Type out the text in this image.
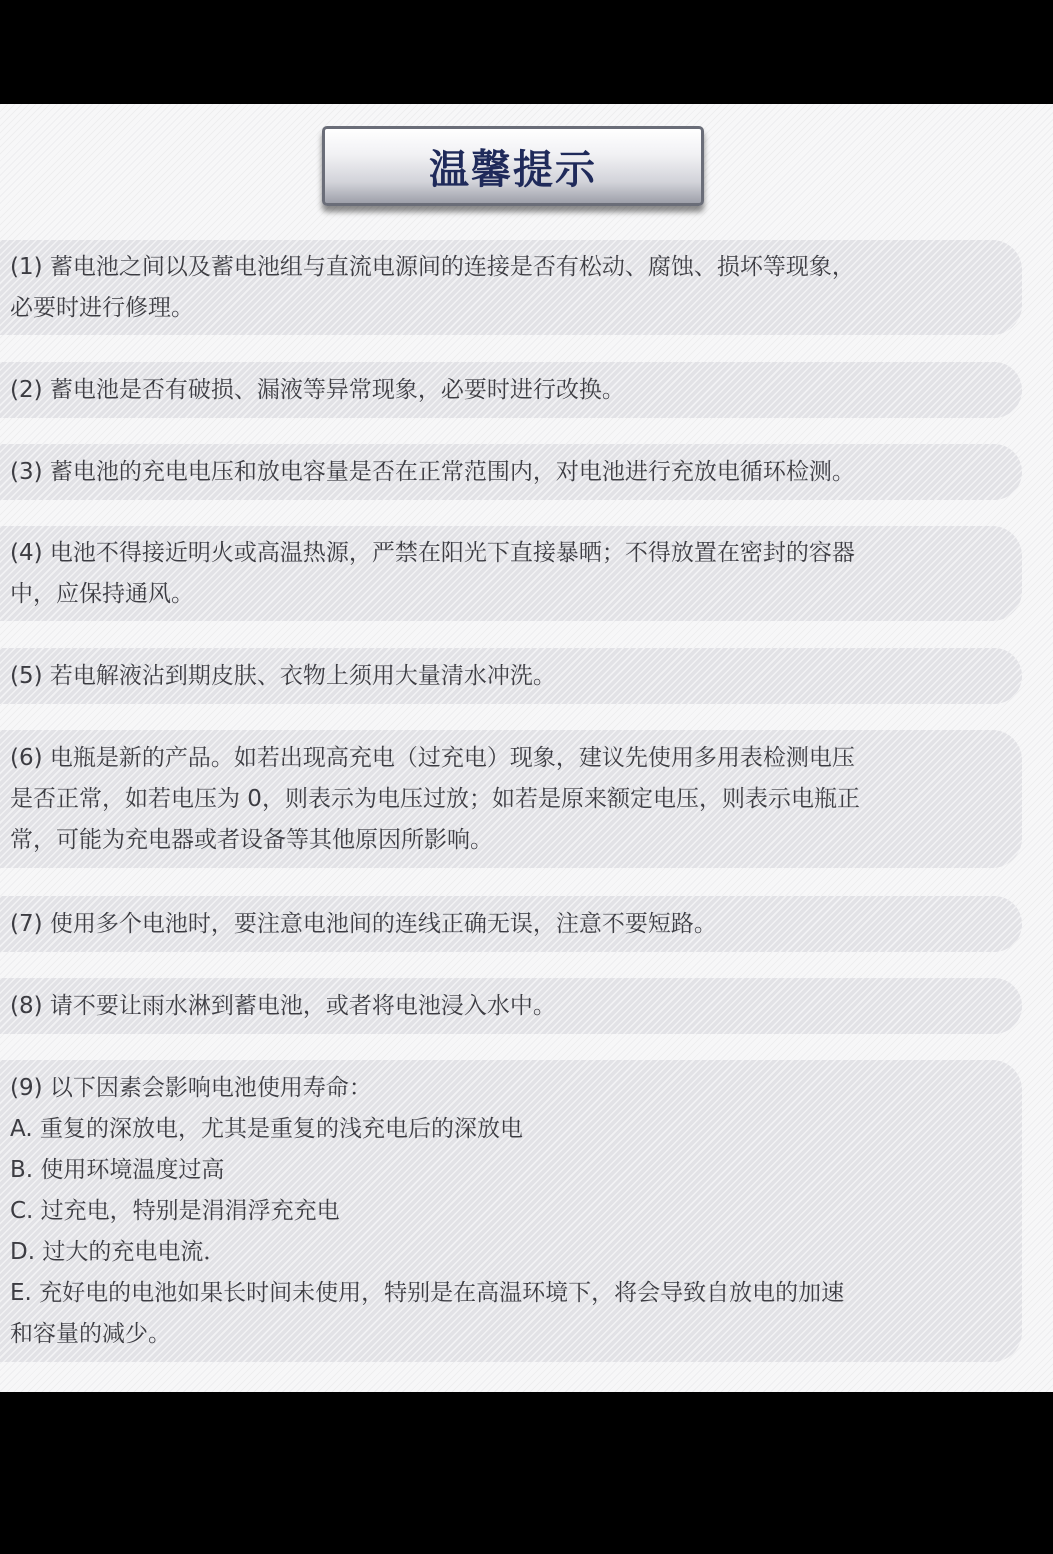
温馨提示
(1) 蓄电池之间以及蓄电池组与直流电源间的连接是否有松动、腐蚀、损坏等现象，
必要时进行修理。
(2) 蓄电池是否有破损、漏液等异常现象，必要时进行改换。
(3) 蓄电池的充电电压和放电容量是否在正常范围内，对电池进行充放电循环检测。
(4) 电池不得接近明火或高温热源，严禁在阳光下直接暴晒；不得放置在密封的容器
中，应保持通风。
(5) 若电解液沾到期皮肤、衣物上须用大量清水冲洗。
(6) 电瓶是新的产品。如若出现高充电（过充电）现象，建议先使用多用表检测电压
是否正常，如若电压为 0，则表示为电压过放；如若是原来额定电压，则表示电瓶正
常，可能为充电器或者设备等其他原因所影响。
(7) 使用多个电池时，要注意电池间的连线正确无误，注意不要短路。
(8) 请不要让雨水淋到蓄电池，或者将电池浸入水中。
(9) 以下因素会影响电池使用寿命：
A. 重复的深放电，尤其是重复的浅充电后的深放电
B. 使用环境温度过高
C. 过充电，特别是涓涓浮充充电
D. 过大的充电电流．
E. 充好电的电池如果长时间未使用，特别是在高温环境下，将会导致自放电的加速
和容量的减少。
